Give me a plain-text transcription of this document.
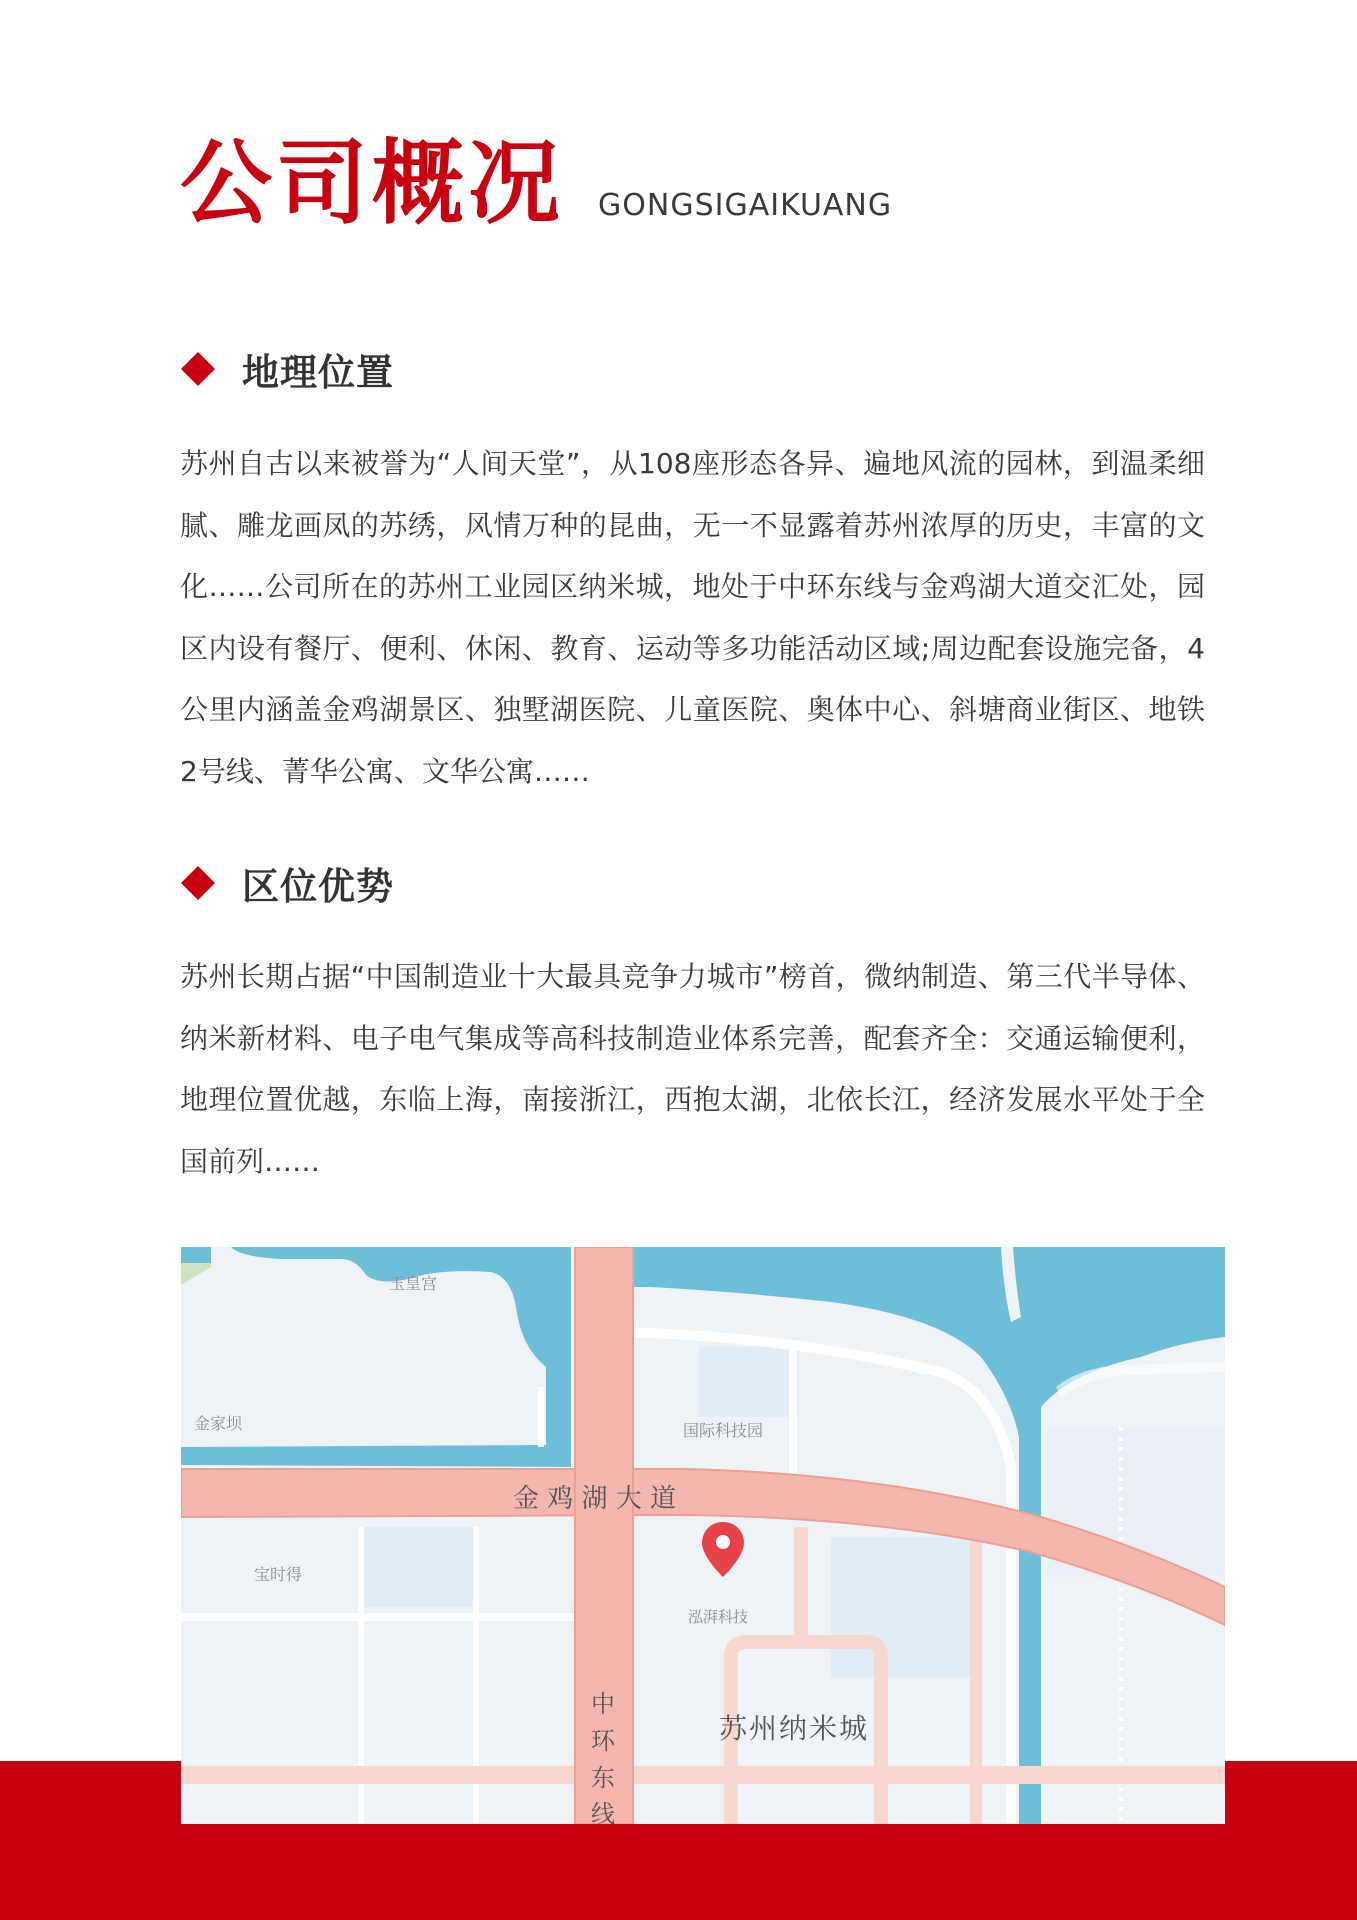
公司概况 GONGSIGAIKUANG
地理位置

苏州自古以来被誉为“人间天堂”，从108座形态各异、遍地风流的园林，到温柔细腻、雕龙画凤的苏绣，风情万种的昆曲，无一不显露着苏州浓厚的历史，丰富的文化……公司所在的苏州工业园区纳米城，地处于中环东线与金鸡湖大道交汇处，园区内设有餐厅、便利、休闲、教育、运动等多功能活动区域;周边配套设施完备，4公里内涵盖金鸡湖景区、独墅湖医院、儿童医院、奥体中心、斜塘商业街区、地铁2号线、菁华公寓、文华公寓……

区位优势

苏州长期占据“中国制造业十大最具竞争力城市”榜首，微纳制造、第三代半导体、纳米新材料、电子电气集成等高科技制造业体系完善，配套齐全：交通运输便利，地理位置优越，东临上海，南接浙江，西抱太湖，北依长江，经济发展水平处于全国前列……

玉皇宫
金家坝	国际科技园
宝时得
泓湃科技
苏州纳米城
金 鸡 湖 大 道
中
环
东
线
